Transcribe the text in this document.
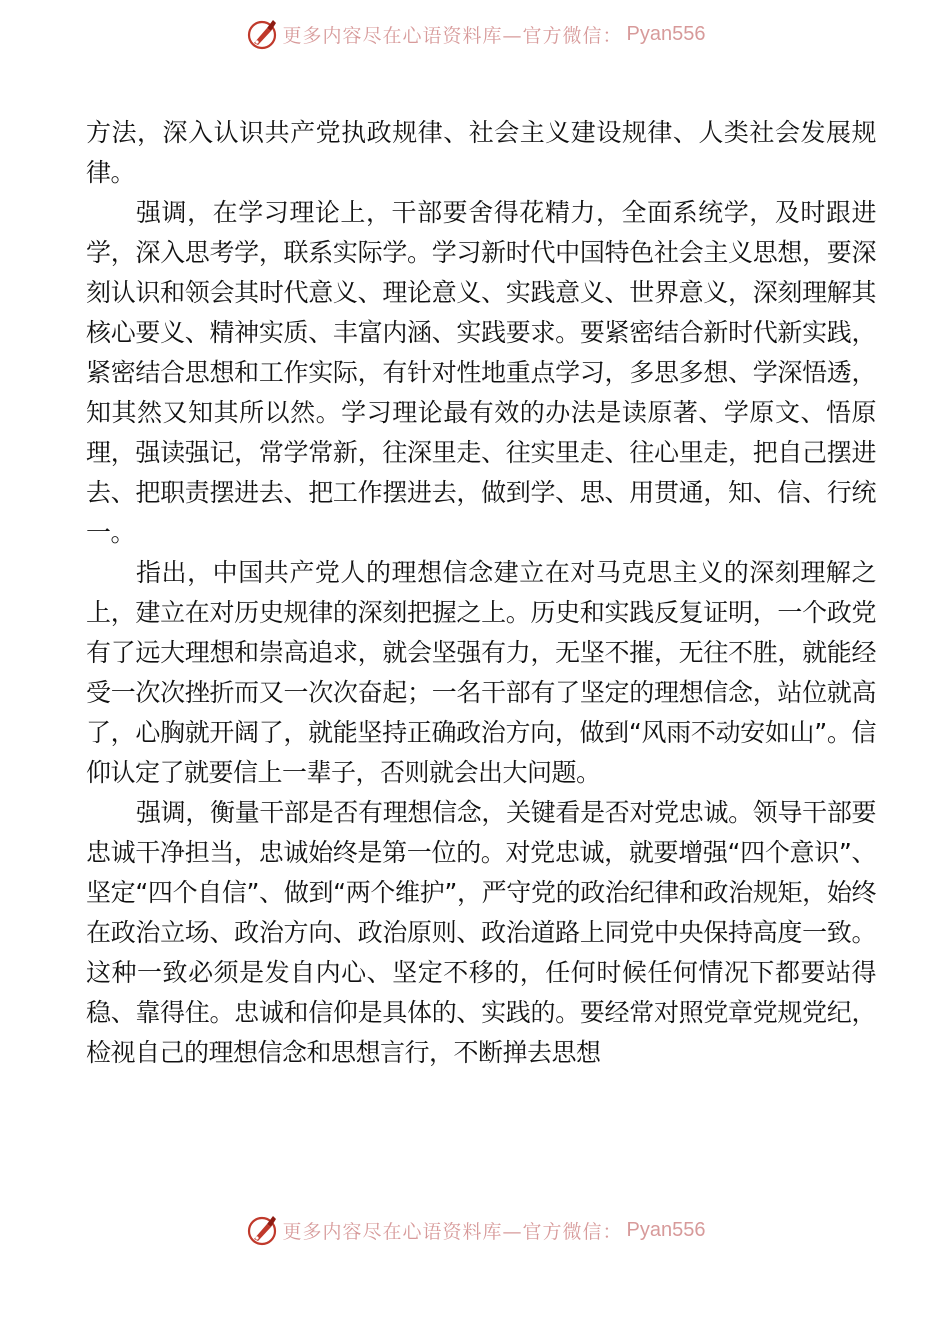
更多内容尽在心语资料库—官方微信： Pyan556

方法，深入认识共产党执政规律、社会主义建设规律、人类社会发展规律。

强调，在学习理论上，干部要舍得花精力，全面系统学，及时跟进学，深入思考学，联系实际学。学习新时代中国特色社会主义思想，要深刻认识和领会其时代意义、理论意义、实践意义、世界意义，深刻理解其核心要义、精神实质、丰富内涵、实践要求。要紧密结合新时代新实践，紧密结合思想和工作实际，有针对性地重点学习，多思多想、学深悟透，知其然又知其所以然。学习理论最有效的办法是读原著、学原文、悟原理，强读强记，常学常新，往深里走、往实里走、往心里走，把自己摆进去、把职责摆进去、把工作摆进去，做到学、思、用贯通，知、信、行统一。

指出，中国共产党人的理想信念建立在对马克思主义的深刻理解之上，建立在对历史规律的深刻把握之上。历史和实践反复证明，一个政党有了远大理想和崇高追求，就会坚强有力，无坚不摧，无往不胜，就能经受一次次挫折而又一次次奋起；一名干部有了坚定的理想信念，站位就高了，心胸就开阔了，就能坚持正确政治方向，做到“风雨不动安如山”。信仰认定了就要信上一辈子，否则就会出大问题。

强调，衡量干部是否有理想信念，关键看是否对党忠诚。领导干部要忠诚干净担当，忠诚始终是第一位的。对党忠诚，就要增强“四个意识”、坚定“四个自信”、做到“两个维护”，严守党的政治纪律和政治规矩，始终在政治立场、政治方向、政治原则、政治道路上同党中央保持高度一致。这种一致必须是发自内心、坚定不移的，任何时候任何情况下都要站得稳、靠得住。忠诚和信仰是具体的、实践的。要经常对照党章党规党纪，检视自己的理想信念和思想言行，不断掸去思想

更多内容尽在心语资料库—官方微信： Pyan556
